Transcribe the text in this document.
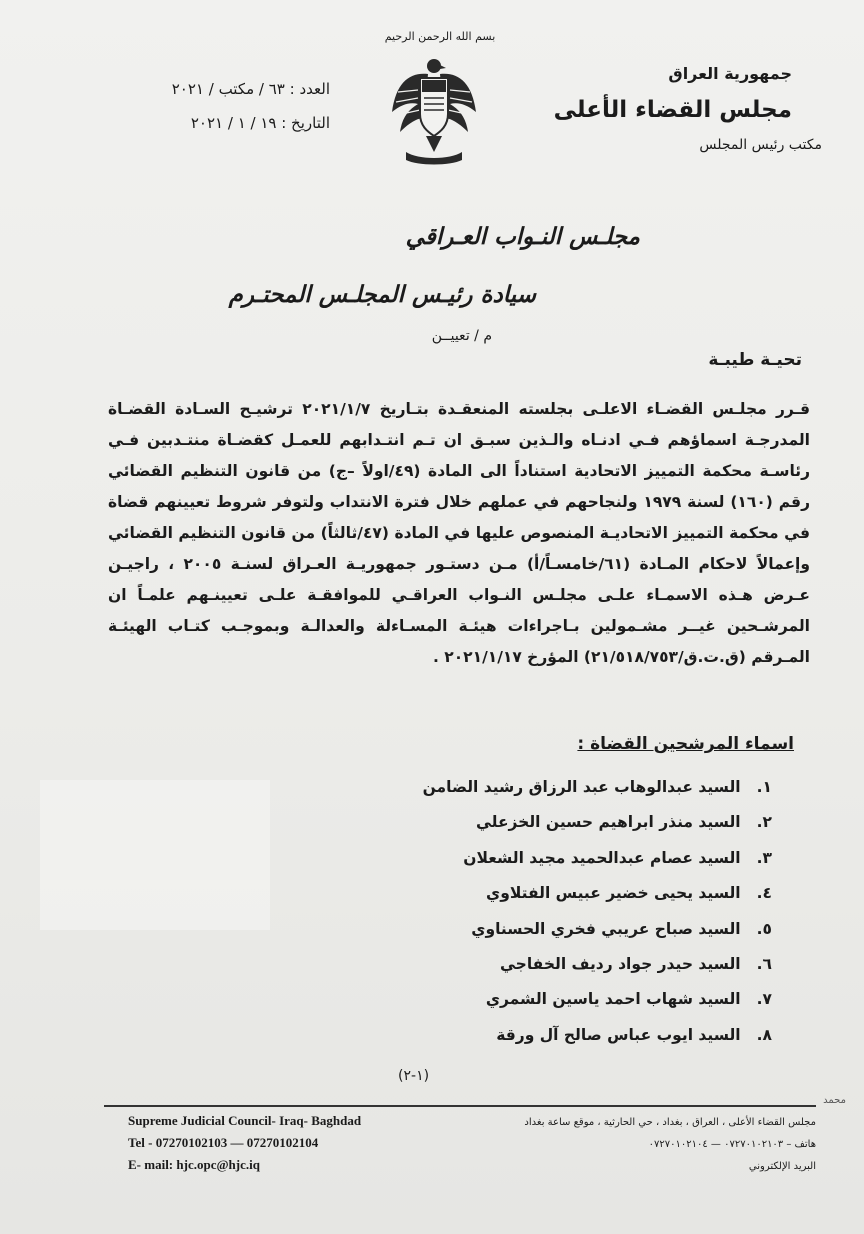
بسم الله الرحمن الرحيم
جمهورية العراق
مجلس القضاء الأعلى
مكتب رئيس المجلس
العدد : ٦٣ / مكتب / ٢٠٢١
التاريخ : ١٩ / ١ / ٢٠٢١
مجلـس النـواب العـراقي
سيادة رئيـس المجلـس المحتـرم
م / تعييــن
تحيـة طيبـة
قـرر مجلـس القضـاء الاعلـى بجلسته المنعقـدة بتـاريخ ٢٠٢١/١/٧ ترشيـح السـادة القضـاة المدرجـة اسماؤهم فـي ادنـاه والـذين سبـق ان تـم انتـدابهم للعمـل كقضـاة منتـدبين فـي رئاسـة محكمة التمييز الاتحادية استناداً الى المادة (٤٩/اولاً –ج) من قانون التنظيم القضائي رقم (١٦٠) لسنة ١٩٧٩ ولنجاحهم في عملهم خلال فترة الانتداب ولتوفر شروط تعيينهم قضاة في محكمة التمييز الاتحاديـة المنصوص عليها في المادة (٤٧/ثالثاً) من قانون التنظيم القضائي وإعمالاً لاحكام المـادة (٦١/خامسـاً/أ) مـن دستـور جمهوريـة العـراق لسنـة ٢٠٠٥ ، راجيـن عـرض هـذه الاسمـاء علـى مجلـس النـواب العراقـي للموافقـة علـى تعيينـهم علمـاً ان المرشـحين غيــر مشـمولين بـاجراءات هيئـة المسـاءلة والعدالـة وبموجـب كتـاب الهيئـة المـرقم (ق.ت.ق/٢١/٥١٨/٧٥٣) المؤرخ ٢٠٢١/١/١٧ .
اسماء المرشحين القضاة :
١. السيد عبدالوهاب عبد الرزاق رشيد الضامن
٢. السيد منذر ابراهيم حسين الخزعلي
٣. السيد عصام عبدالحميد مجيد الشعلان
٤. السيد يحيى خضير عبيس الفتلاوي
٥. السيد صباح عريبي فخري الحسناوي
٦. السيد حيدر جواد رديف الخفاجي
٧. السيد شهاب احمد ياسين الشمري
٨. السيد ايوب عباس صالح آل ورقة
(١-٢)
Supreme Judicial Council- Iraq- Baghdad
Tel - 07270102103 — 07270102104
E- mail: hjc.opc@hjc.iq
مجلس القضاء الأعلى ، العراق ، بغداد ، حي الحارثية ، موقع ساعة بغداد
هاتف – ٠٧٢٧٠١٠٢١٠٣ — ٠٧٢٧٠١٠٢١٠٤
البريد الإلكتروني
محمد
